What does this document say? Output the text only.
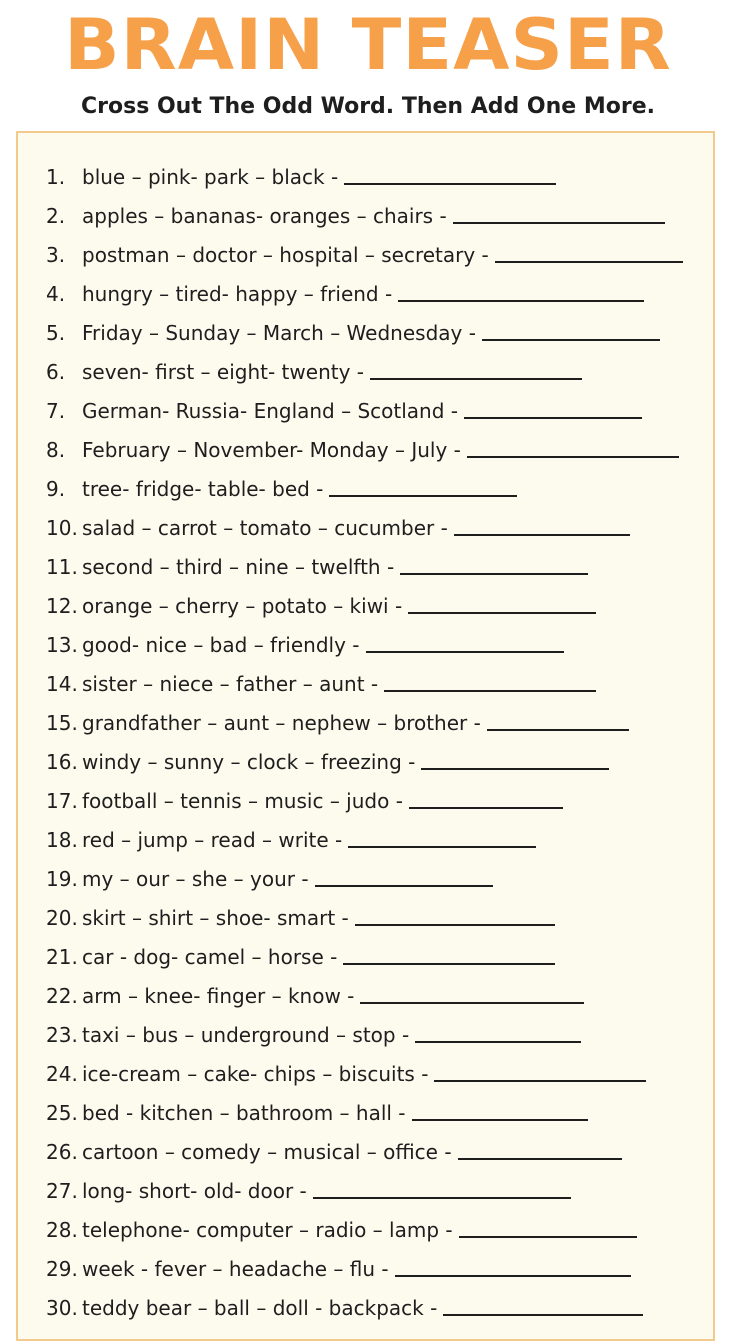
BRAIN TEASER
Cross Out The Odd Word. Then Add One More.
1. blue – pink- park – black -
2. apples – bananas- oranges – chairs -
3. postman – doctor – hospital – secretary -
4. hungry – tired- happy – friend -
5. Friday – Sunday – March – Wednesday -
6. seven- first – eight- twenty -
7. German- Russia- England – Scotland -
8. February – November- Monday – July -
9. tree- fridge- table- bed -
10. salad – carrot – tomato – cucumber -
11. second – third – nine – twelfth -
12. orange – cherry – potato – kiwi -
13. good- nice – bad – friendly -
14. sister – niece – father – aunt -
15. grandfather – aunt – nephew – brother -
16. windy – sunny – clock – freezing -
17. football – tennis – music – judo -
18. red – jump – read – write -
19. my – our – she – your -
20. skirt – shirt – shoe- smart -
21. car - dog- camel – horse -
22. arm – knee- finger – know -
23. taxi – bus – underground – stop -
24. ice-cream – cake- chips – biscuits -
25. bed - kitchen – bathroom – hall -
26. cartoon – comedy – musical – office -
27. long- short- old- door -
28. telephone- computer – radio – lamp -
29. week - fever – headache – flu -
30. teddy bear – ball – doll - backpack -
